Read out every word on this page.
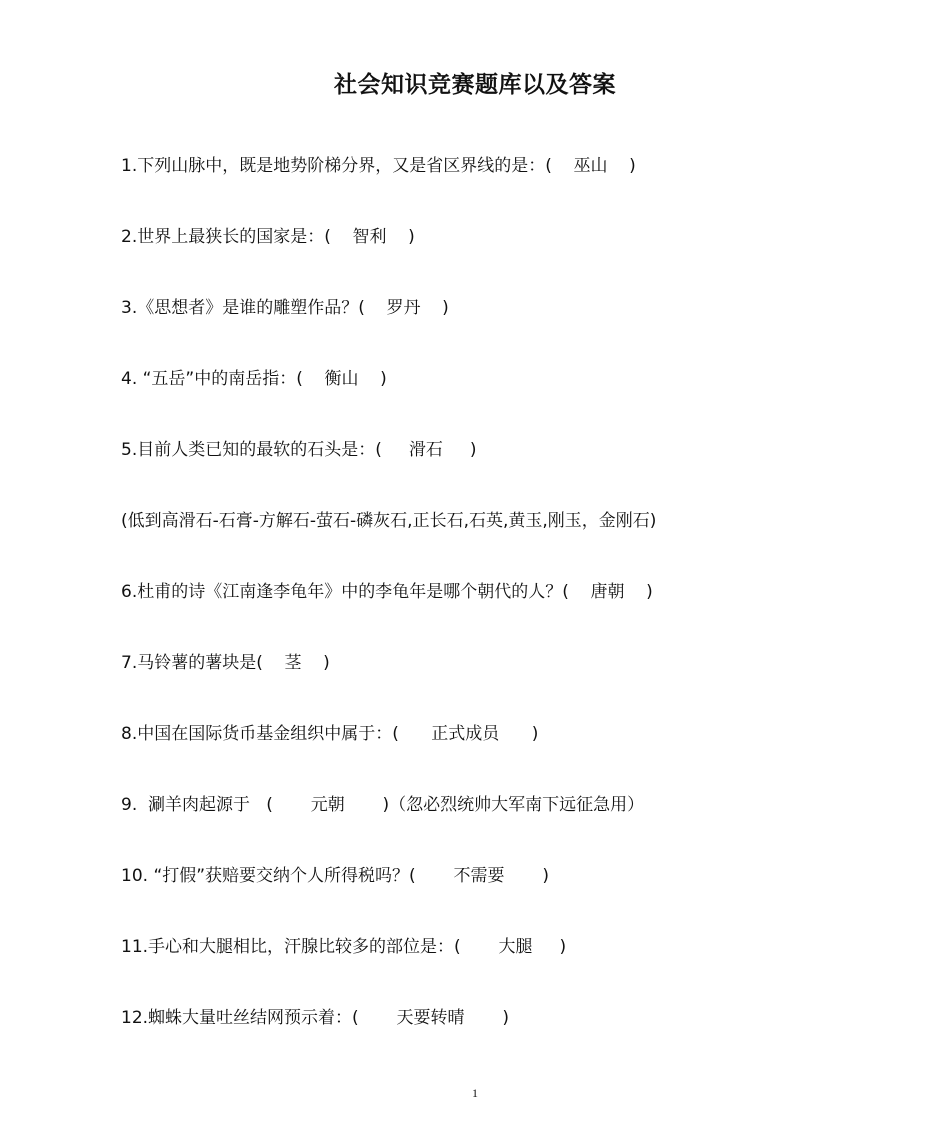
社会知识竞赛题库以及答案
1.下列山脉中，既是地势阶梯分界，又是省区界线的是：(    巫山    )
2.世界上最狭长的国家是：(    智利    )
3.《思想者》是谁的雕塑作品？(    罗丹    )
4. “五岳”中的南岳指：(    衡山    )
5.目前人类已知的最软的石头是：(     滑石     )
(低到高滑石-石膏-方解石-萤石-磷灰石,正长石,石英,黄玉,刚玉，金刚石)
6.杜甫的诗《江南逢李龟年》中的李龟年是哪个朝代的人？(    唐朝    )
7.马铃薯的薯块是(    茎    )
8.中国在国际货币基金组织中属于：(      正式成员      )
9.  涮羊肉起源于   (       元朝       )（忽必烈统帅大军南下远征急用）
10. “打假”获赔要交纳个人所得税吗？(       不需要       )
11.手心和大腿相比，汗腺比较多的部位是：(       大腿     )
12.蜘蛛大量吐丝结网预示着：(       天要转晴       )
1
